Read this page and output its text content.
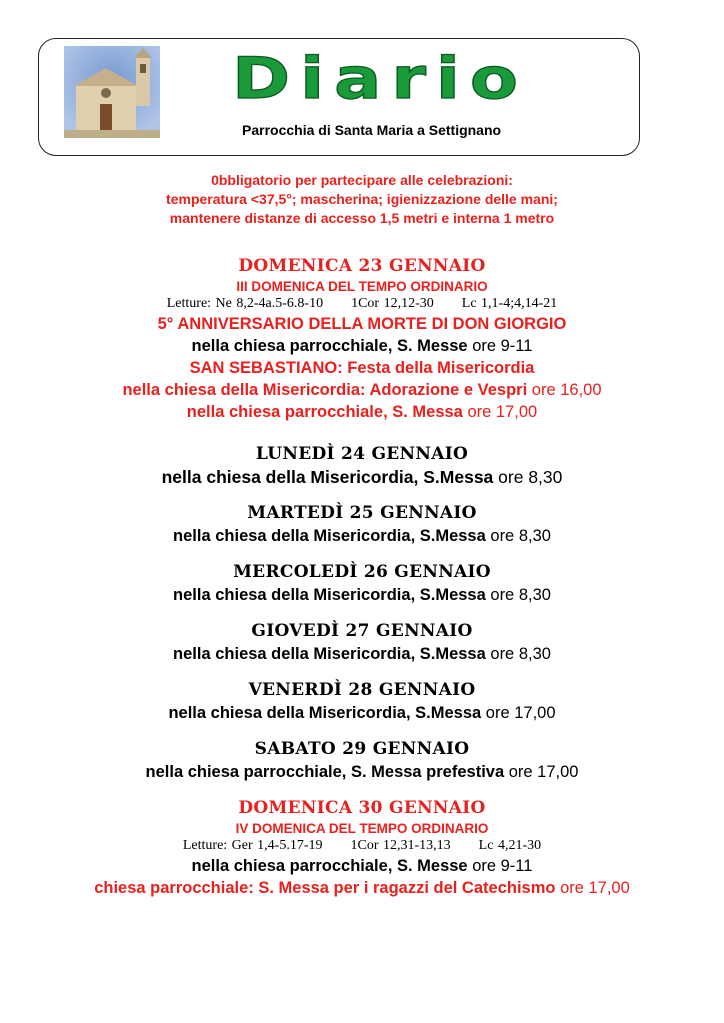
Diario
Parrocchia di Santa Maria a Settignano
0bbligatorio per partecipare alle celebrazioni:
temperatura <37,5°; mascherina; igienizzazione delle mani;
mantenere distanze di accesso 1,5 metri e interna 1 metro
DOMENICA 23 GENNAIO
III DOMENICA DEL TEMPO ORDINARIO
Letture: Ne 8,2-4a.5-6.8-10 1Cor 12,12-30 Lc 1,1-4;4,14-21
5° ANNIVERSARIO DELLA MORTE DI DON GIORGIO
nella chiesa parrocchiale, S. Messe ore 9-11
SAN SEBASTIANO: Festa della Misericordia
nella chiesa della Misericordia: Adorazione e Vespri ore 16,00
nella chiesa parrocchiale, S. Messa ore 17,00
LUNEDÌ 24 GENNAIO
nella chiesa della Misericordia, S.Messa ore 8,30
MARTEDÌ 25 GENNAIO
nella chiesa della Misericordia, S.Messa ore 8,30
MERCOLEDÌ 26 GENNAIO
nella chiesa della Misericordia, S.Messa ore 8,30
GIOVEDÌ 27 GENNAIO
nella chiesa della Misericordia, S.Messa ore 8,30
VENERDÌ 28 GENNAIO
nella chiesa della Misericordia, S.Messa ore 17,00
SABATO 29 GENNAIO
nella chiesa parrocchiale, S. Messa prefestiva ore 17,00
DOMENICA 30 GENNAIO
IV DOMENICA DEL TEMPO ORDINARIO
Letture: Ger 1,4-5.17-19 1Cor 12,31-13,13 Lc 4,21-30
nella chiesa parrocchiale, S. Messe ore 9-11
chiesa parrocchiale: S. Messa per i ragazzi del Catechismo ore 17,00
